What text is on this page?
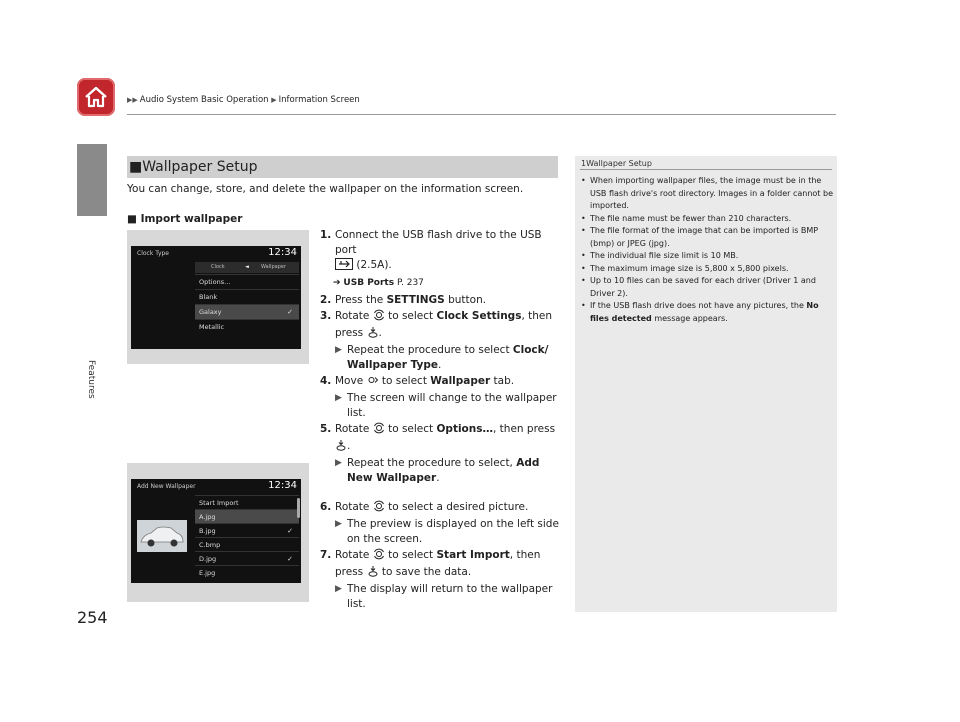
▶▶ Audio System Basic Operation ▶ Information Screen
Features
254
■Wallpaper Setup
You can change, store, and delete the wallpaper on the information screen.
■ Import wallpaper
Clock Type	12:34
Clock	◄ Wallpaper
Options…
Blank
Galaxy	✓
Metallic
Add New Wallpaper	12:34
Start Import
A.jpg
B.jpg	✓
C.bmp
D.jpg	✓
E.jpg
1. Connect the USB flash drive to the USB port
(2.5A).
➔ USB Ports P. 237
2. Press the SETTINGS button.
3. Rotate to select Clock Settings, then
press .
▶ Repeat the procedure to select Clock/ Wallpaper Type.
4. Move to select Wallpaper tab.
▶ The screen will change to the wallpaper list.
5. Rotate to select Options…, then press
.
▶ Repeat the procedure to select, Add New Wallpaper.
6. Rotate to select a desired picture.
▶ The preview is displayed on the left side on the screen.
7. Rotate to select Start Import, then
press to save the data.
▶ The display will return to the wallpaper list.
1Wallpaper Setup
• When importing wallpaper files, the image must be in the USB flash drive's root directory. Images in a folder cannot be imported.
• The file name must be fewer than 210 characters.
• The file format of the image that can be imported is BMP (bmp) or JPEG (jpg).
• The individual file size limit is 10 MB.
• The maximum image size is 5,800 x 5,800 pixels.
• Up to 10 files can be saved for each driver (Driver 1 and Driver 2).
• If the USB flash drive does not have any pictures, the No files detected message appears.
